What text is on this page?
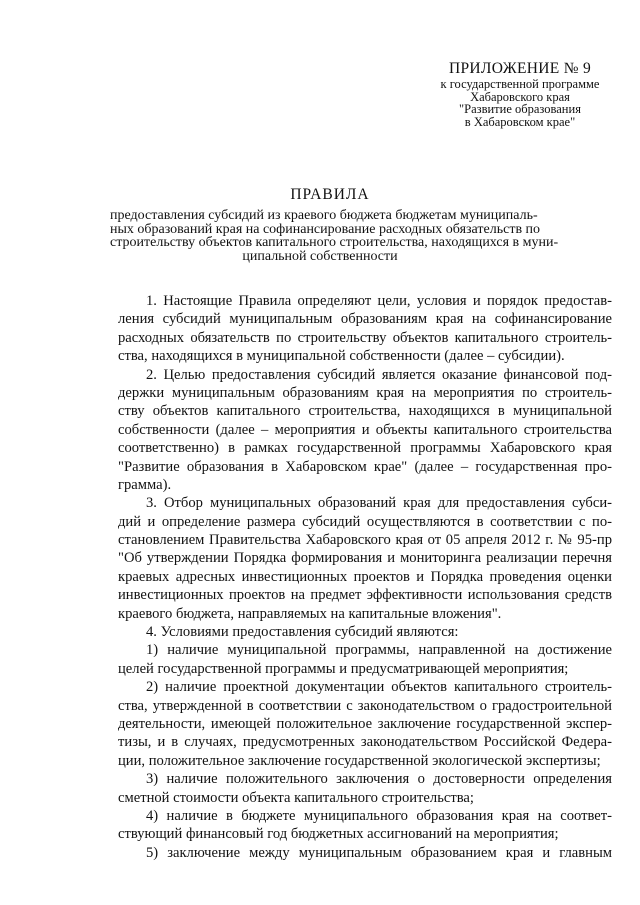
ПРИЛОЖЕНИЕ № 9
к государственной программе
Хабаровского края
"Развитие образования
в Хабаровском крае"
ПРАВИЛА
предоставления субсидий из краевого бюджета бюджетам муниципаль-
ных образований края на софинансирование расходных обязательств по
строительству объектов капитального строительства, находящихся в муни-
ципальной собственности
1. Настоящие Правила определяют цели, условия и порядок предостав-
ления субсидий муниципальным образованиям края на софинансирование
расходных обязательств по строительству объектов капитального строитель-
ства, находящихся в муниципальной собственности (далее – субсидии).
2. Целью предоставления субсидий является оказание финансовой под-
держки муниципальным образованиям края на мероприятия по строитель-
ству объектов капитального строительства, находящихся в муниципальной
собственности (далее – мероприятия и объекты капитального строительства
соответственно) в рамках государственной программы Хабаровского края
"Развитие образования в Хабаровском крае" (далее – государственная про-
грамма).
3. Отбор муниципальных образований края для предоставления субси-
дий и определение размера субсидий осуществляются в соответствии с по-
становлением Правительства Хабаровского края от 05 апреля 2012 г. № 95-пр
"Об утверждении Порядка формирования и мониторинга реализации перечня
краевых адресных инвестиционных проектов и Порядка проведения оценки
инвестиционных проектов на предмет эффективности использования средств
краевого бюджета, направляемых на капитальные вложения".
4. Условиями предоставления субсидий являются:
1) наличие муниципальной программы, направленной на достижение
целей государственной программы и предусматривающей мероприятия;
2) наличие проектной документации объектов капитального строитель-
ства, утвержденной в соответствии с законодательством о градостроительной
деятельности, имеющей положительное заключение государственной экспер-
тизы, и в случаях, предусмотренных законодательством Российской Федера-
ции, положительное заключение государственной экологической экспертизы;
3) наличие положительного заключения о достоверности определения
сметной стоимости объекта капитального строительства;
4) наличие в бюджете муниципального образования края на соответ-
ствующий финансовый год бюджетных ассигнований на мероприятия;
5) заключение между муниципальным образованием края и главным
